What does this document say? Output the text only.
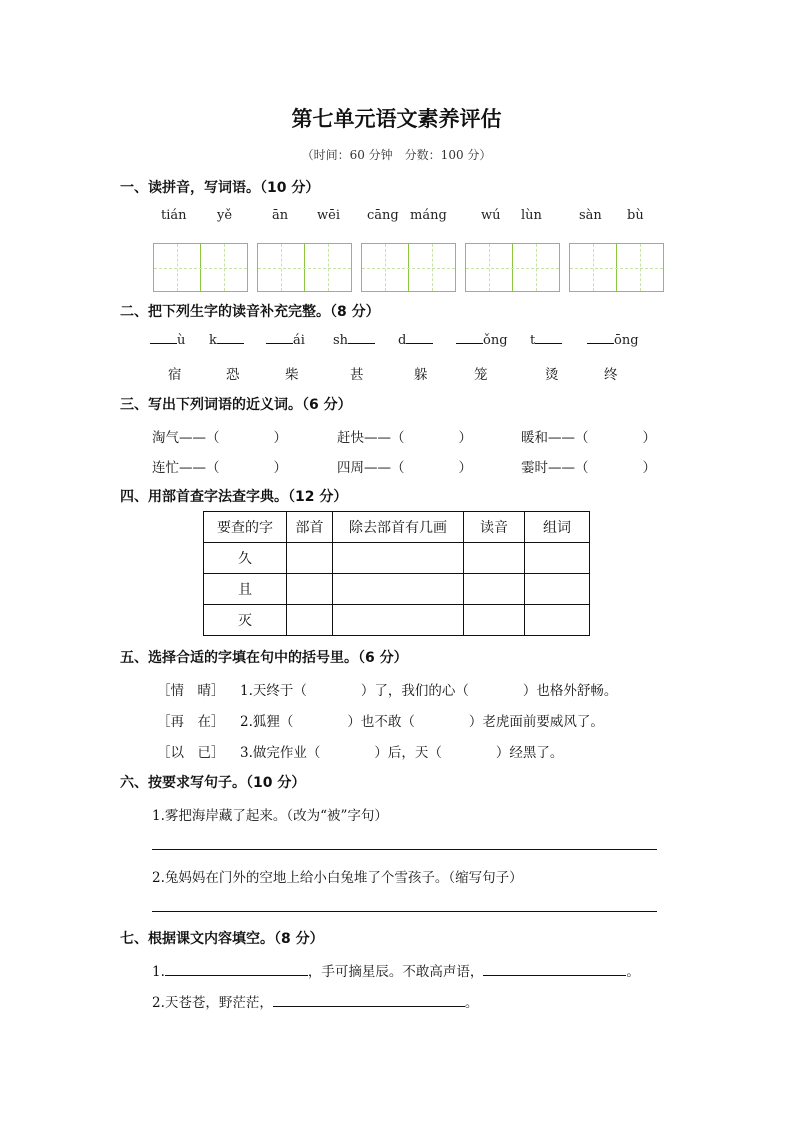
第七单元语文素养评估
（时间：60 分钟　分数：100 分）
一、读拼音，写词语。（10 分）
tián yě	ān wēi cāng máng	wú lùn	sàn bù
二、把下列生字的读音补充完整。（8 分）
ù k	ái sh	d	ǒng t	ōng
宿	恐	柴	甚	躲	笼	烫	终
三、写出下列词语的近义词。（6 分）
淘气——（　　　　）	赶快——（　　　　）	暖和——（　　　　）
连忙——（　　　　）	四周——（　　　　）	霎时——（　　　　）
四、用部首查字法查字典。（12 分）
要查的字	部首	除去部首有几画	读音	组词
久				
且				
灭				
五、选择合适的字填在句中的括号里。（6 分）
［情　晴］ 1.天终于（　　　　）了，我们的心（　　　　）也格外舒畅。
［再　在］ 2.狐狸（　　　　）也不敢（　　　　）老虎面前要威风了。
［以　已］ 3.做完作业（　　　　）后，天（　　　　）经黑了。
六、按要求写句子。（10 分）
1.雾把海岸藏了起来。（改为“被”字句）
2.兔妈妈在门外的空地上给小白兔堆了个雪孩子。（缩写句子）
七、根据课文内容填空。（8 分）
1.	，手可摘星辰。不敢高声语，	。
2.天苍苍，野茫茫，	。
